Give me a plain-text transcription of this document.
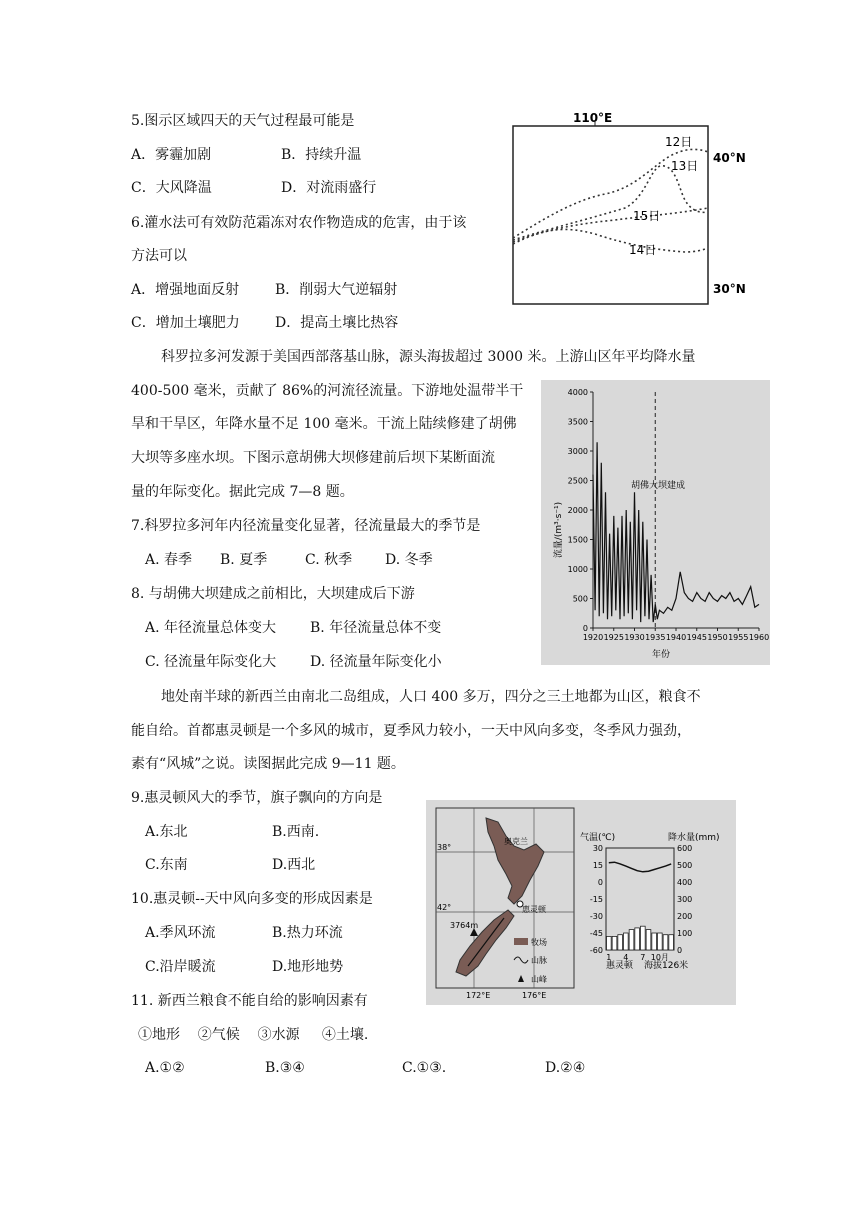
5.图示区域四天的天气过程最可能是
A．雾霾加剧	B．持续升温
C．大风降温	D．对流雨盛行
6.灌水法可有效防范霜冻对农作物造成的危害，由于该
方法可以
A．增强地面反射	B．削弱大气逆辐射
C．增加土壤肥力	D．提高土壤比热容
110°E
40°N
30°N
12日
13日
15日
14日
科罗拉多河发源于美国西部落基山脉，源头海拔超过 3000 米。上游山区年平均降水量
400-500 毫米，贡献了 86%的河流径流量。下游地处温带半干
旱和干旱区，年降水量不足 100 毫米。干流上陆续修建了胡佛
大坝等多座水坝。下图示意胡佛大坝修建前后坝下某断面流
量的年际变化。据此完成 7—8 题。
7.科罗拉多河年内径流量变化显著，径流量最大的季节是
A. 春季 B. 夏季	C. 秋季 D. 冬季
8. 与胡佛大坝建成之前相比，大坝建成后下游
A. 年径流量总体变大 B. 年径流量总体不变
C. 径流量年际变化大 D. 径流量年际变化小
0
500
1000
1500
2000
2500
3000
3500
4000
1920 1925 1930 1935 1940 1945 1950 1955 1960
流量/(m³·s⁻¹)
年份
胡佛大坝建成
地处南半球的新西兰由南北二岛组成，人口 400 多万，四分之三土地都为山区，粮食不
能自给。首都惠灵顿是一个多风的城市，夏季风力较小，一天中风向多变，冬季风力强劲，
素有“风城”之说。读图据此完成 9—11 题。
9.惠灵顿风大的季节，旗子飘向的方向是
A.东北	B.西南.
C.东南	D.西北
10.惠灵顿--天中风向多变的形成因素是
A.季风环流	B.热力环流
C.沿岸暖流	D.地形地势
11. 新西兰粮食不能自给的影响因素有
①地形    ②气候    ③水源     ④土壤.
A.①②	B.③④	C.①③.	D.②④
38°
42°
172°E	176°E
3764m
奥克兰
惠灵顿
牧场
山脉
山峰
气温(℃)	降水量(mm)
30
15
0
-15
-30
-45
-60
600
500
400
300
200
100
0
1 4 7 10月
惠灵顿 海拔126米
